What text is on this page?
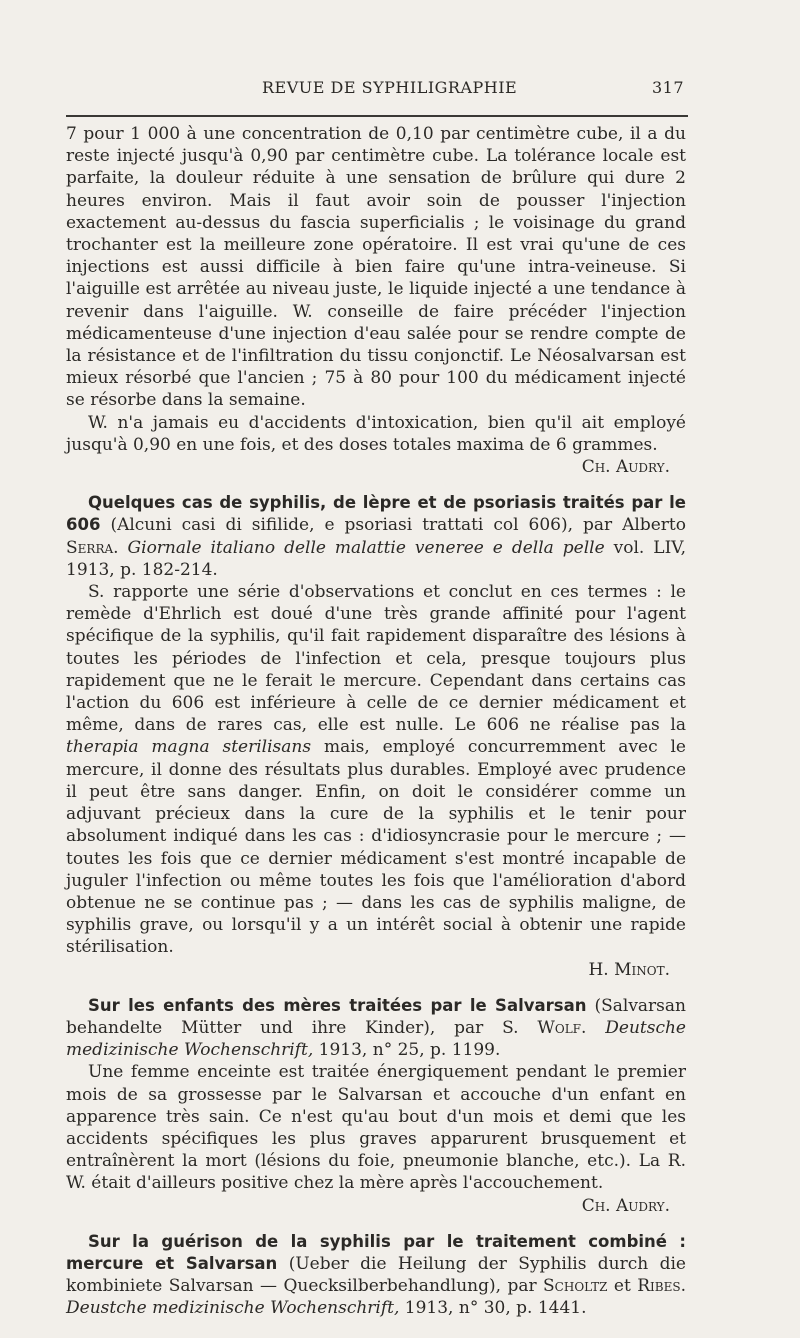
REVUE DE SYPHILIGRAPHIE	317

7 pour 1 000 à une concentration de 0,10 par centimètre cube, il a du reste injecté jusqu'à 0,90 par centimètre cube. La tolérance locale est parfaite, la douleur réduite à une sensation de brûlure qui dure 2 heures environ. Mais il faut avoir soin de pousser l'injection exactement au-dessus du fascia superficialis ; le voisinage du grand trochanter est la meilleure zone opératoire. Il est vrai qu'une de ces injections est aussi difficile à bien faire qu'une intra-veineuse. Si l'aiguille est arrêtée au niveau juste, le liquide injecté a une tendance à revenir dans l'aiguille. W. conseille de faire précéder l'injection médicamenteuse d'une injection d'eau salée pour se rendre compte de la résistance et de l'infiltration du tissu conjonctif. Le Néosalvarsan est mieux résorbé que l'ancien ; 75 à 80 pour 100 du médicament injecté se résorbe dans la semaine.

W. n'a jamais eu d'accidents d'intoxication, bien qu'il ait employé jusqu'à 0,90 en une fois, et des doses totales maxima de 6 grammes.

Ch. Audry.

Quelques cas de syphilis, de lèpre et de psoriasis traités par le 606 (Alcuni casi di sifilide, e psoriasi trattati col 606), par Alberto Serra. Giornale italiano delle malattie veneree e della pelle vol. LIV, 1913, p. 182-214.

S. rapporte une série d'observations et conclut en ces termes : le remède d'Ehrlich est doué d'une très grande affinité pour l'agent spécifique de la syphilis, qu'il fait rapidement disparaître des lésions à toutes les périodes de l'infection et cela, presque toujours plus rapidement que ne le ferait le mercure. Cependant dans certains cas l'action du 606 est inférieure à celle de ce dernier médicament et même, dans de rares cas, elle est nulle. Le 606 ne réalise pas la therapia magna sterilisans mais, employé concurremment avec le mercure, il donne des résultats plus durables. Employé avec prudence il peut être sans danger. Enfin, on doit le considérer comme un adjuvant précieux dans la cure de la syphilis et le tenir pour absolument indiqué dans les cas : d'idiosyncrasie pour le mercure ; — toutes les fois que ce dernier médicament s'est montré incapable de juguler l'infection ou même toutes les fois que l'amélioration d'abord obtenue ne se continue pas ; — dans les cas de syphilis maligne, de syphilis grave, ou lorsqu'il y a un intérêt social à obtenir une rapide stérilisation.

H. Minot.

Sur les enfants des mères traitées par le Salvarsan (Salvarsan behandelte Mütter und ihre Kinder), par S. Wolf. Deutsche medizinische Wochenschrift, 1913, n° 25, p. 1199.

Une femme enceinte est traitée énergiquement pendant le premier mois de sa grossesse par le Salvarsan et accouche d'un enfant en apparence très sain. Ce n'est qu'au bout d'un mois et demi que les accidents spécifiques les plus graves apparurent brusquement et entraînèrent la mort (lésions du foie, pneumonie blanche, etc.). La R. W. était d'ailleurs positive chez la mère après l'accouchement.

Ch. Audry.

Sur la guérison de la syphilis par le traitement combiné : mercure et Salvarsan (Ueber die Heilung der Syphilis durch die kombiniete Salvarsan — Quecksilberbehandlung), par Scholtz et Ribes. Deustche medizinische Wochenschrift, 1913, n° 30, p. 1441.
